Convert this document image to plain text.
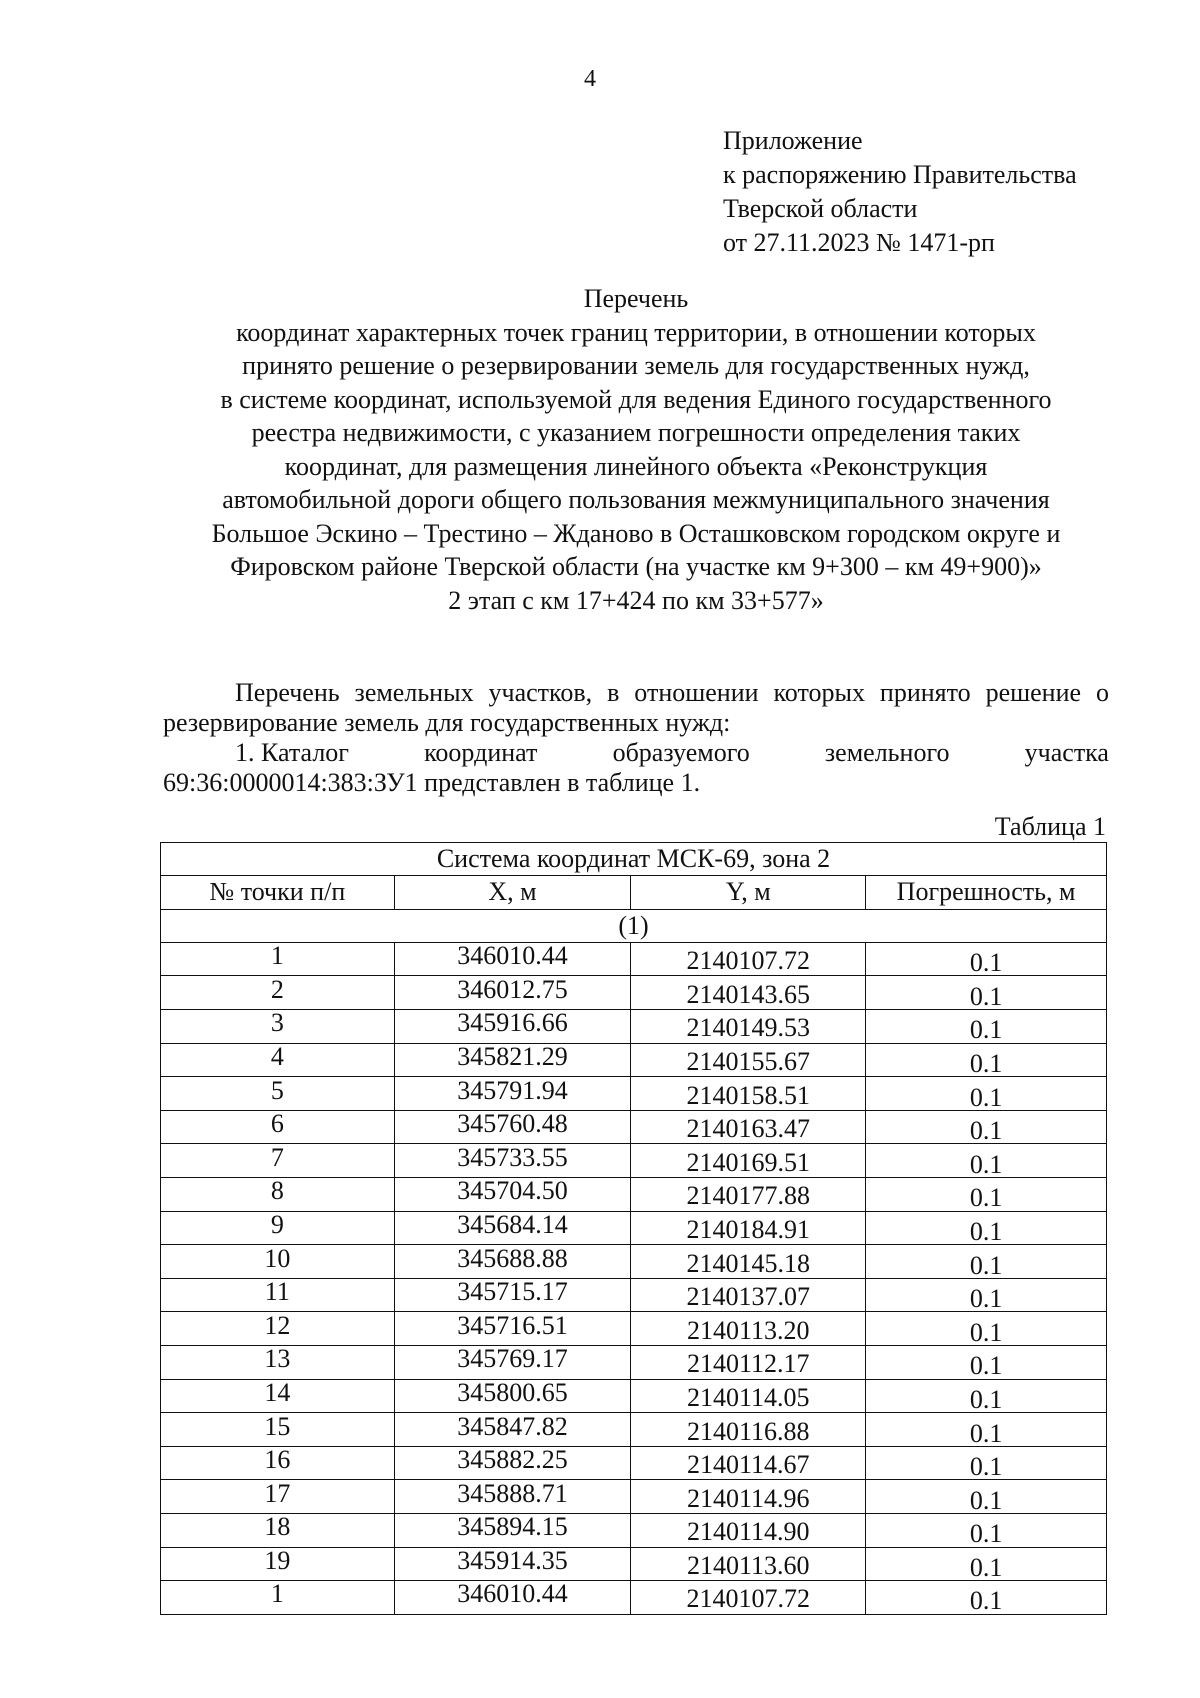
4
Приложение
к распоряжению Правительства
Тверской области
от 27.11.2023 № 1471-рп
Перечень
координат характерных точек границ территории, в отношении которых
принято решение о резервировании земель для государственных нужд,
в системе координат, используемой для ведения Единого государственного
реестра недвижимости, с указанием погрешности определения таких
координат, для размещения линейного объекта «Реконструкция
автомобильной дороги общего пользования межмуниципального значения
Большое Эскино – Трестино – Жданово в Осташковском городском округе и
Фировском районе Тверской области (на участке км 9+300 – км 49+900)»
2 этап с км 17+424 по км 33+577»
Перечень земельных участков, в отношении которых принято решение о резервирование земель для государственных нужд:
1. Каталог	координат	образуемого	земельного	участка
69:36:0000014:383:ЗУ1 представлен в таблице 1.
Таблица 1
Система координат МСК-69, зона 2			
№ точки п/п	X, м	Y, м	Погрешность, м
(1)			
1	346010.44	2140107.72	0.1
2	346012.75	2140143.65	0.1
3	345916.66	2140149.53	0.1
4	345821.29	2140155.67	0.1
5	345791.94	2140158.51	0.1
6	345760.48	2140163.47	0.1
7	345733.55	2140169.51	0.1
8	345704.50	2140177.88	0.1
9	345684.14	2140184.91	0.1
10	345688.88	2140145.18	0.1
11	345715.17	2140137.07	0.1
12	345716.51	2140113.20	0.1
13	345769.17	2140112.17	0.1
14	345800.65	2140114.05	0.1
15	345847.82	2140116.88	0.1
16	345882.25	2140114.67	0.1
17	345888.71	2140114.96	0.1
18	345894.15	2140114.90	0.1
19	345914.35	2140113.60	0.1
1	346010.44	2140107.72	0.1
